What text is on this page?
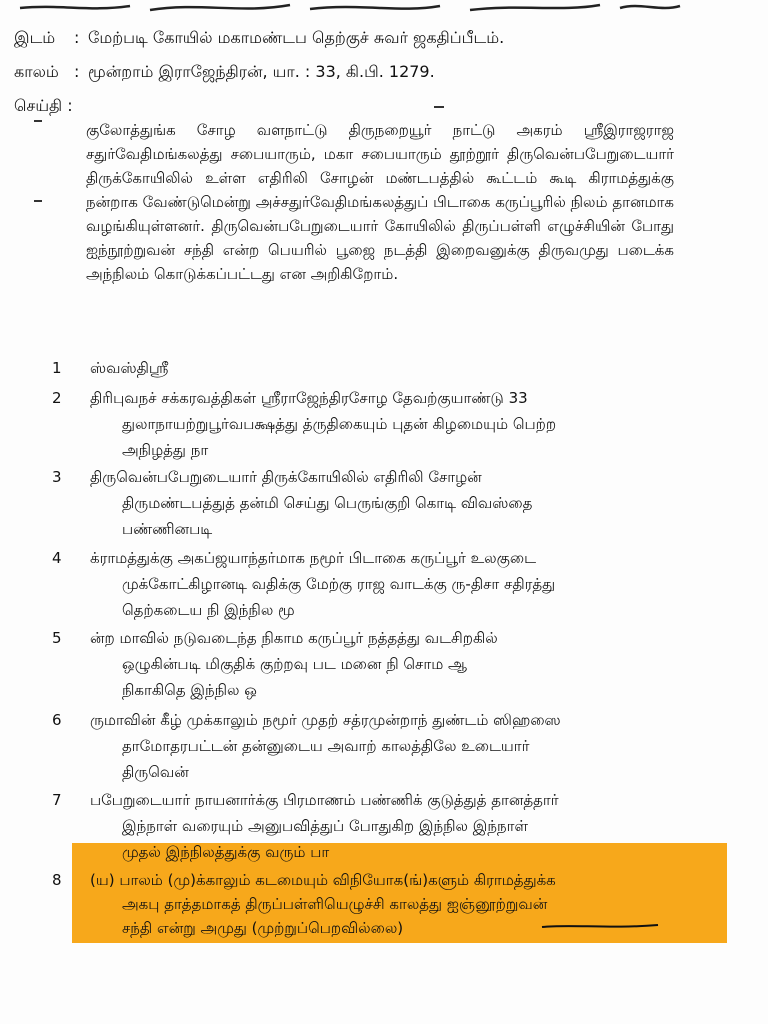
இடம் : மேற்படி கோயில் மகாமண்டப தெற்குச் சுவர் ஜகதிப்பீடம்.
காலம் : மூன்றாம் இராஜேந்திரன், யா. : 33, கி.பி. 1279.
செய்தி :
குலோத்துங்க சோழ வளநாட்டு திருநறையூர் நாட்டு அகரம் ஸ்ரீஇராஜராஜ சதுர்வேதிமங்கலத்து சபையாரும், மகா சபையாரும் தூற்றூர் திருவென்பபேறுடையார் திருக்கோயிலில் உள்ள எதிரிலி சோழன் மண்டபத்தில் கூட்டம் கூடி கிராமத்துக்கு நன்றாக வேண்டுமென்று அச்சதுர்வேதிமங்கலத்துப் பிடாகை கருப்பூரில் நிலம் தானமாக வழங்கியுள்ளனர். திருவென்பபேறுடையார் கோயிலில் திருப்பள்ளி எழுச்சியின் போது ஐந்நூற்றுவன் சந்தி என்ற பெயரில் பூஜை நடத்தி இறைவனுக்கு திருவமுது படைக்க அந்நிலம் கொடுக்கப்பட்டது என அறிகிறோம்.
1 ஸ்வஸ்திஸ்ரீ
2 திரிபுவநச் சக்கரவத்திகள் ஸ்ரீராஜேந்திரசோழ தேவற்குயாண்டு 33
துலாநாயற்றுபூர்வபக்ஷத்து த்ருதிகையும் புதன் கிழமையும் பெற்ற
அநிழத்து நா
3 திருவென்பபேறுடையார் திருக்கோயிலில் எதிரிலி சோழன்
திருமண்டபத்துத் தன்மி செய்து பெருங்குறி கொடி விவஸ்தை
பண்ணினபடி
4 க்ராமத்துக்கு அகப்ஜயாந்தர்மாக நமூர் பிடாகை கருப்பூர் உலகுடை
முக்கோட்கிழானடி வதிக்கு மேற்கு ராஜ வாடக்கு ரு-திசா சதிரத்து
தெற்கடைய நி இந்நில மூ
5 ன்ற மாவில் நடுவடைந்த நிகாம கருப்பூர் நத்தத்து வடசிறகில்
ஒழுகின்படி மிகுதிக் குற்றவு பட மனை நி சொம ஆ
நிகாகிதெ இந்நில ஒ
6 ருமாவின் கீழ் முக்காலும் நமூர் முதற் சத்ரமுன்றாந் துண்டம் ஸிஹஸை
தாமோதரபட்டன் தன்னுடைய அவாற் காலத்திலே உடையார்
திருவென்
7 பபேறுடையார் நாயனார்க்கு பிரமாணம் பண்ணிக் குடுத்துத் தானத்தார்
இந்நாள் வரையும் அனுபவித்துப் போதுகிற இந்நில இந்நாள்
முதல் இந்நிலத்துக்கு வரும் பா
8 (ய) பாலம் (மு)க்காலும் கடமையும் விநியோக(ங்)களும் கிராமத்துக்க
அகபு தாத்தமாகத் திருப்பள்ளியெழுச்சி காலத்து ஐஞ்னூற்றுவன்
சந்தி என்று அமுது (முற்றுப்பெறவில்லை)
